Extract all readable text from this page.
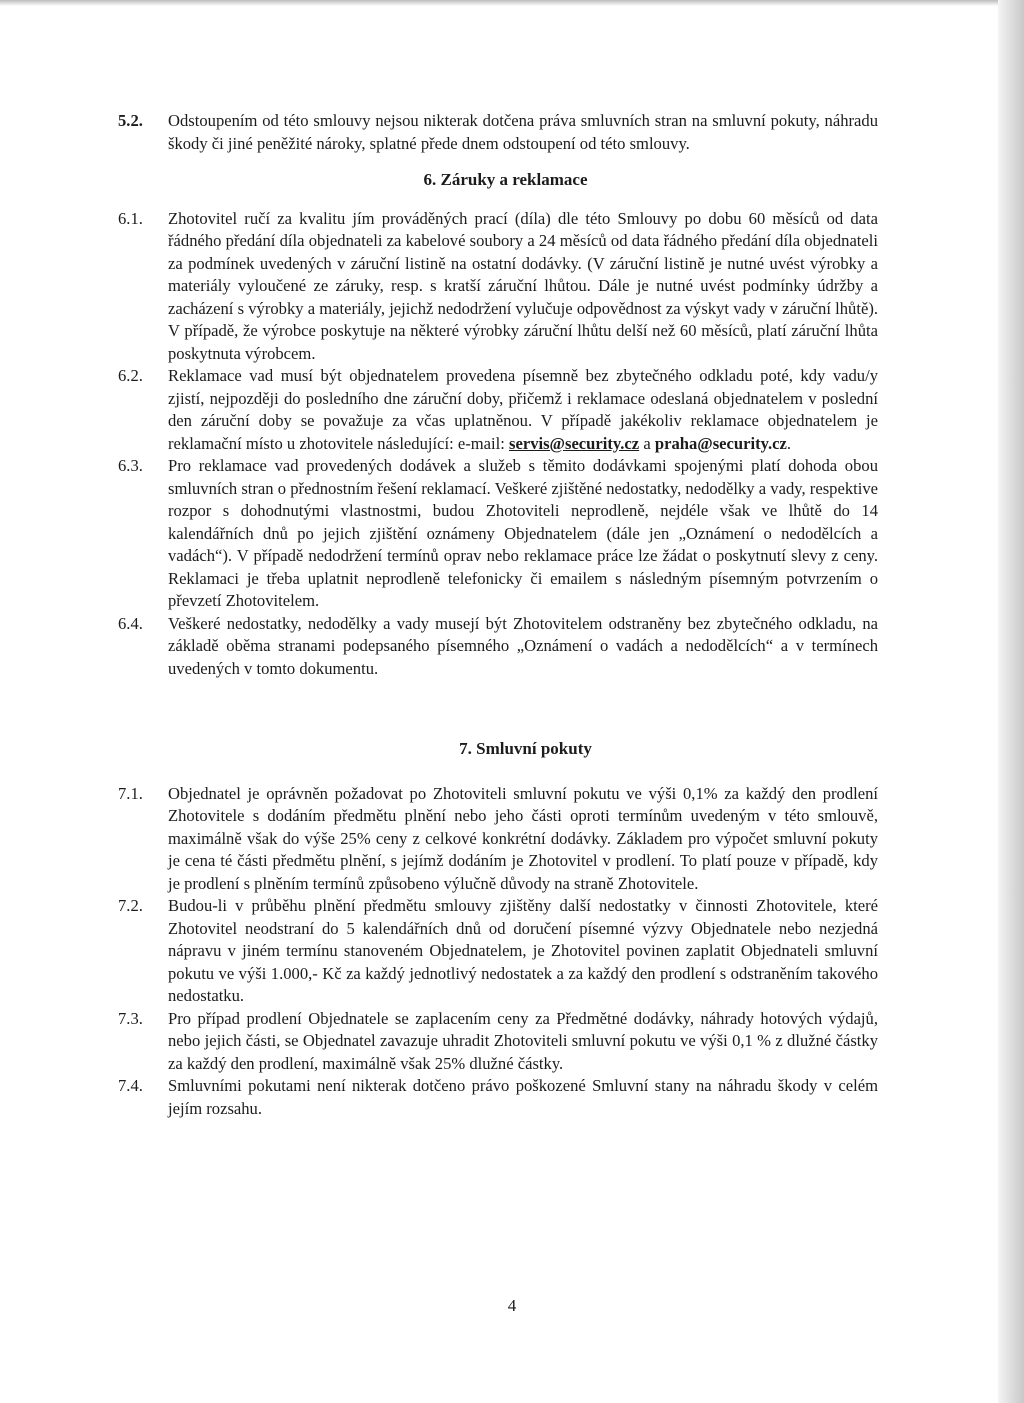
5.2. Odstoupením od této smlouvy nejsou nikterak dotčena práva smluvních stran na smluvní pokuty, náhradu škody či jiné peněžité nároky, splatné přede dnem odstoupení od této smlouvy.
6. Záruky a reklamace
6.1. Zhotovitel ručí za kvalitu jím prováděných prací (díla) dle této Smlouvy po dobu 60 měsíců od data řádného předání díla objednateli za kabelové soubory a 24 měsíců od data řádného předání díla objednateli za podmínek uvedených v záruční listině na ostatní dodávky. (V záruční listině je nutné uvést výrobky a materiály vyloučené ze záruky, resp. s kratší záruční lhůtou. Dále je nutné uvést podmínky údržby a zacházení s výrobky a materiály, jejichž nedodržení vylučuje odpovědnost za výskyt vady v záruční lhůtě). V případě, že výrobce poskytuje na některé výrobky záruční lhůtu delší než 60 měsíců, platí záruční lhůta poskytnuta výrobcem.
6.2. Reklamace vad musí být objednatelem provedena písemně bez zbytečného odkladu poté, kdy vadu/y zjistí, nejpozději do posledního dne záruční doby, přičemž i reklamace odeslaná objednatelem v poslední den záruční doby se považuje za včas uplatněnou. V případě jakékoliv reklamace objednatelem je reklamační místo u zhotovitele následující: e-mail: servis@security.cz a praha@security.cz.
6.3. Pro reklamace vad provedených dodávek a služeb s těmito dodávkami spojenými platí dohoda obou smluvních stran o přednostním řešení reklamací. Veškeré zjištěné nedostatky, nedodělky a vady, respektive rozpor s dohodnutými vlastnostmi, budou Zhotoviteli neprodleně, nejdéle však ve lhůtě do 14 kalendářních dnů po jejich zjištění oznámeny Objednatelem (dále jen „Oznámení o nedodělcích a vadách“). V případě nedodržení termínů oprav nebo reklamace práce lze žádat o poskytnutí slevy z ceny. Reklamaci je třeba uplatnit neprodleně telefonicky či emailem s následným písemným potvrzením o převzetí Zhotovitelem.
6.4. Veškeré nedostatky, nedodělky a vady musejí být Zhotovitelem odstraněny bez zbytečného odkladu, na základě oběma stranami podepsaného písemného „Oznámení o vadách a nedodělcích“ a v termínech uvedených v tomto dokumentu.
7. Smluvní pokuty
7.1. Objednatel je oprávněn požadovat po Zhotoviteli smluvní pokutu ve výši 0,1% za každý den prodlení Zhotovitele s dodáním předmětu plnění nebo jeho části oproti termínům uvedeným v této smlouvě, maximálně však do výše 25% ceny z celkové konkrétní dodávky. Základem pro výpočet smluvní pokuty je cena té části předmětu plnění, s jejímž dodáním je Zhotovitel v prodlení. To platí pouze v případě, kdy je prodlení s plněním termínů způsobeno výlučně důvody na straně Zhotovitele.
7.2. Budou-li v průběhu plnění předmětu smlouvy zjištěny další nedostatky v činnosti Zhotovitele, které Zhotovitel neodstraní do 5 kalendářních dnů od doručení písemné výzvy Objednatele nebo nezjedná nápravu v jiném termínu stanoveném Objednatelem, je Zhotovitel povinen zaplatit Objednateli smluvní pokutu ve výši 1.000,- Kč za každý jednotlivý nedostatek a za každý den prodlení s odstraněním takového nedostatku.
7.3. Pro případ prodlení Objednatele se zaplacením ceny za Předmětné dodávky, náhrady hotových výdajů, nebo jejich části, se Objednatel zavazuje uhradit Zhotoviteli smluvní pokutu ve výši 0,1 % z dlužné částky za každý den prodlení, maximálně však 25% dlužné částky.
7.4. Smluvními pokutami není nikterak dotčeno právo poškozené Smluvní stany na náhradu škody v celém jejím rozsahu.
4
